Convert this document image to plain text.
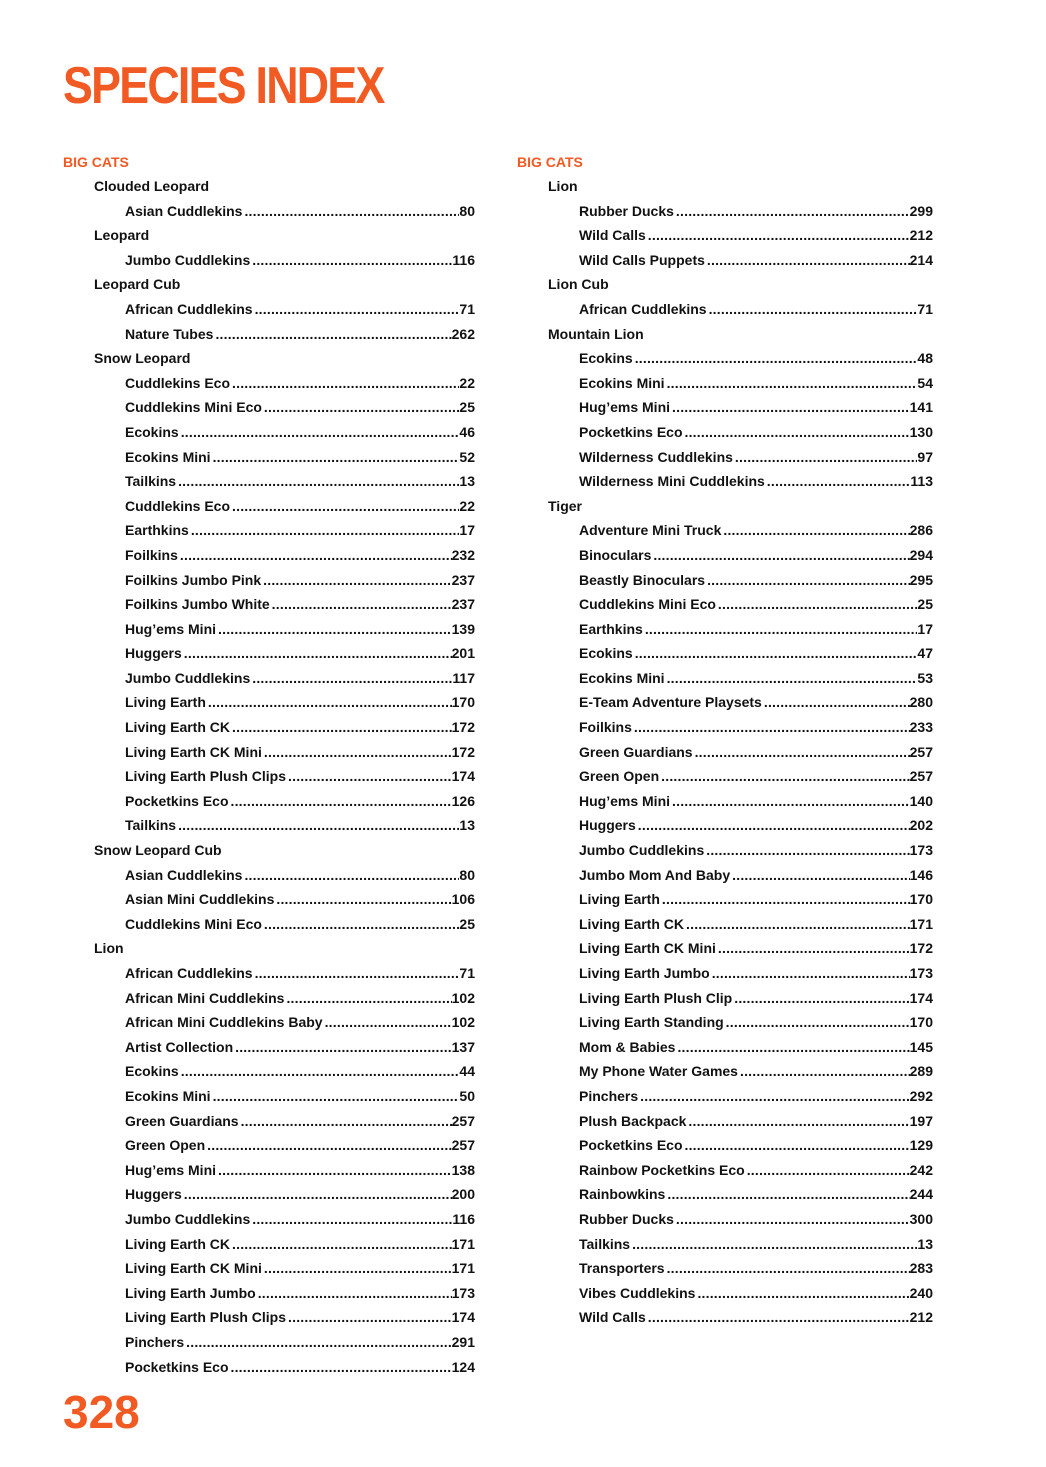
SPECIES INDEX
BIG CATS
Clouded Leopard
Asian Cuddlekins .....	80
Leopard
Jumbo Cuddlekins .....	116
Leopard Cub
African Cuddlekins .....	71
Nature Tubes .....	262
Snow Leopard
Cuddlekins Eco .....	22
Cuddlekins Mini Eco .....	25
Ecokins .....	46
Ecokins Mini .....	52
Tailkins .....	13
Cuddlekins Eco .....	22
Earthkins .....	17
Foilkins .....	232
Foilkins Jumbo Pink .....	237
Foilkins Jumbo White .....	237
Hug’ems Mini .....	139
Huggers .....	201
Jumbo Cuddlekins .....	117
Living Earth .....	170
Living Earth CK .....	172
Living Earth CK Mini .....	172
Living Earth Plush Clips .....	174
Pocketkins Eco .....	126
Tailkins .....	13
Snow Leopard Cub
Asian Cuddlekins .....	80
Asian Mini Cuddlekins .....	106
Cuddlekins Mini Eco .....	25
Lion
African Cuddlekins .....	71
African Mini Cuddlekins .....	102
African Mini Cuddlekins Baby .....	102
Artist Collection .....	137
Ecokins .....	44
Ecokins Mini .....	50
Green Guardians .....	257
Green Open .....	257
Hug’ems Mini .....	138
Huggers .....	200
Jumbo Cuddlekins .....	116
Living Earth CK .....	171
Living Earth CK Mini .....	171
Living Earth Jumbo .....	173
Living Earth Plush Clips .....	174
Pinchers .....	291
Pocketkins Eco .....	124
BIG CATS
Lion
Rubber Ducks .....	299
Wild Calls .....	212
Wild Calls Puppets .....	214
Lion Cub
African Cuddlekins .....	71
Mountain Lion
Ecokins .....	48
Ecokins Mini .....	54
Hug’ems Mini .....	141
Pocketkins Eco .....	130
Wilderness Cuddlekins .....	97
Wilderness Mini Cuddlekins .....	113
Tiger
Adventure Mini Truck .....	286
Binoculars .....	294
Beastly Binoculars .....	295
Cuddlekins Mini Eco .....	25
Earthkins .....	17
Ecokins .....	47
Ecokins Mini .....	53
E-Team Adventure Playsets .....	280
Foilkins .....	233
Green Guardians .....	257
Green Open .....	257
Hug’ems Mini .....	140
Huggers .....	202
Jumbo Cuddlekins .....	173
Jumbo Mom And Baby .....	146
Living Earth .....	170
Living Earth CK .....	171
Living Earth CK Mini .....	172
Living Earth Jumbo .....	173
Living Earth Plush Clip .....	174
Living Earth Standing .....	170
Mom & Babies .....	145
My Phone Water Games .....	289
Pinchers .....	292
Plush Backpack .....	197
Pocketkins Eco .....	129
Rainbow Pocketkins Eco .....	242
Rainbowkins .....	244
Rubber Ducks .....	300
Tailkins .....	13
Transporters .....	283
Vibes Cuddlekins .....	240
Wild Calls .....	212
328
